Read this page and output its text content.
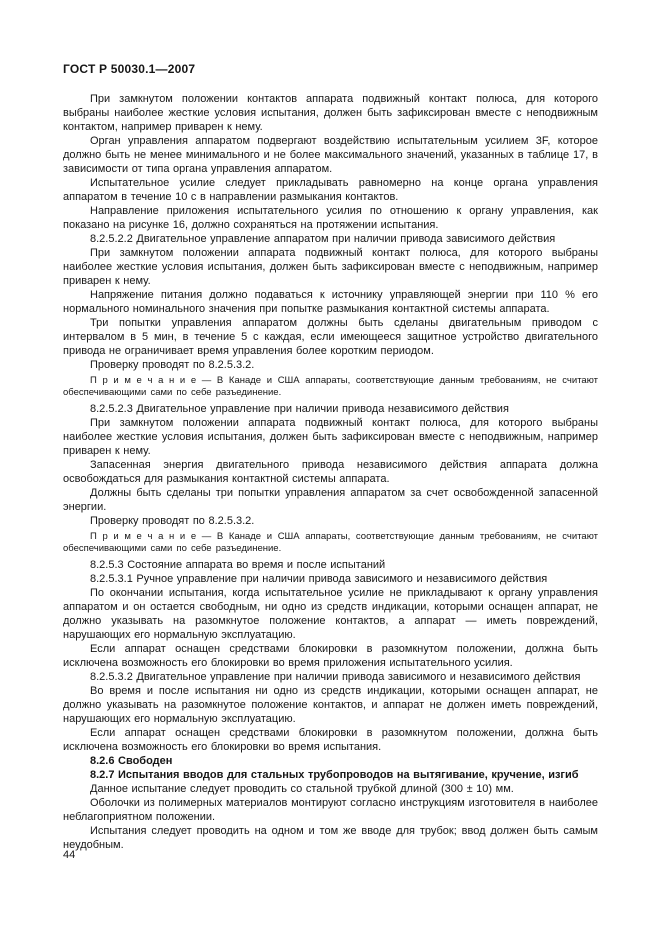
ГОСТ Р 50030.1—2007

При замкнутом положении контактов аппарата подвижный контакт полюса, для которого выбраны наиболее жесткие условия испытания, должен быть зафиксирован вместе с неподвижным контактом, например приварен к нему.

Орган управления аппаратом подвергают воздействию испытательным усилием 3F, которое должно быть не менее минимального и не более максимального значений, указанных в таблице 17, в зависимости от типа органа управления аппаратом.

Испытательное усилие следует прикладывать равномерно на конце органа управления аппаратом в течение 10 с в направлении размыкания контактов.

Направление приложения испытательного усилия по отношению к органу управления, как показано на рисунке 16, должно сохраняться на протяжении испытания.

8.2.5.2.2 Двигательное управление аппаратом при наличии привода зависимого действия

При замкнутом положении аппарата подвижный контакт полюса, для которого выбраны наиболее жесткие условия испытания, должен быть зафиксирован вместе с неподвижным, например приварен к нему.

Напряжение питания должно подаваться к источнику управляющей энергии при 110 % его нормального номинального значения при попытке размыкания контактной системы аппарата.

Три попытки управления аппаратом должны быть сделаны двигательным приводом с интервалом в 5 мин, в течение 5 с каждая, если имеющееся защитное устройство двигательного привода не ограничивает время управления более коротким периодом.

Проверку проводят по 8.2.5.3.2.

П р и м е ч а н и е — В Канаде и США аппараты, соответствующие данным требованиям, не считают обеспечивающими сами по себе разъединение.

8.2.5.2.3 Двигательное управление при наличии привода независимого действия

При замкнутом положении аппарата подвижный контакт полюса, для которого выбраны наиболее жесткие условия испытания, должен быть зафиксирован вместе с неподвижным, например приварен к нему.

Запасенная энергия двигательного привода независимого действия аппарата должна освобождаться для размыкания контактной системы аппарата.

Должны быть сделаны три попытки управления аппаратом за счет освобожденной запасенной энергии.

Проверку проводят по 8.2.5.3.2.

П р и м е ч а н и е — В Канаде и США аппараты, соответствующие данным требованиям, не считают обеспечивающими сами по себе разъединение.

8.2.5.3 Состояние аппарата во время и после испытаний

8.2.5.3.1 Ручное управление при наличии привода зависимого и независимого действия

По окончании испытания, когда испытательное усилие не прикладывают к органу управления аппаратом и он остается свободным, ни одно из средств индикации, которыми оснащен аппарат, не должно указывать на разомкнутое положение контактов, а аппарат — иметь повреждений, нарушающих его нормальную эксплуатацию.

Если аппарат оснащен средствами блокировки в разомкнутом положении, должна быть исключена возможность его блокировки во время приложения испытательного усилия.

8.2.5.3.2 Двигательное управление при наличии привода зависимого и независимого действия

Во время и после испытания ни одно из средств индикации, которыми оснащен аппарат, не должно указывать на разомкнутое положение контактов, и аппарат не должен иметь повреждений, нарушающих его нормальную эксплуатацию.

Если аппарат оснащен средствами блокировки в разомкнутом положении, должна быть исключена возможность его блокировки во время испытания.

8.2.6 Свободен

8.2.7 Испытания вводов для стальных трубопроводов на вытягивание, кручение, изгиб

Данное испытание следует проводить со стальной трубкой длиной (300 ± 10) мм.

Оболочки из полимерных материалов монтируют согласно инструкциям изготовителя в наиболее неблагоприятном положении.

Испытания следует проводить на одном и том же вводе для трубок; ввод должен быть самым неудобным.

44
